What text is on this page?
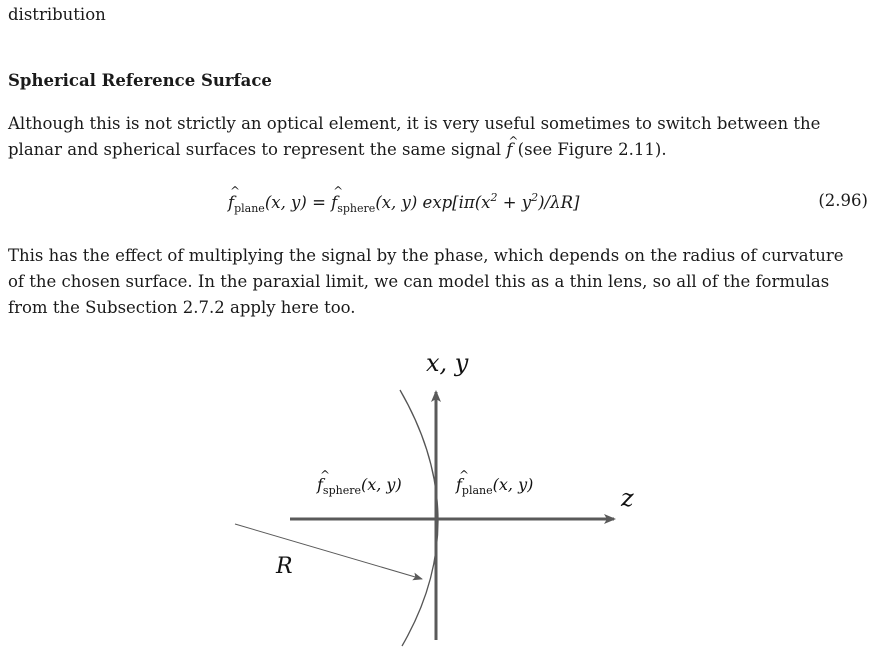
distribution
Spherical Reference Surface
Although this is not strictly an optical element, it is very useful sometimes to switch between the
planar and spherical surfaces to represent the same signal ^ f (see Figure 2.11).
^ $f_{plane}(x$, y) = ^ $f_{sphere}(x$, y) $\exp[i\pi(x^2 + y^2)/\lambda R]$	(2.96)
This has the effect of multiplying the signal by the phase, which depends on the radius of curvature
of the chosen surface. In the paraxial limit, we can model this as a thin lens, so all of the formulas
from the Subsection 2.7.2 apply here too.
x, y
z
R
$f_{sphere}(x$, y)
^	$f_{plane}(x$, y)
^
